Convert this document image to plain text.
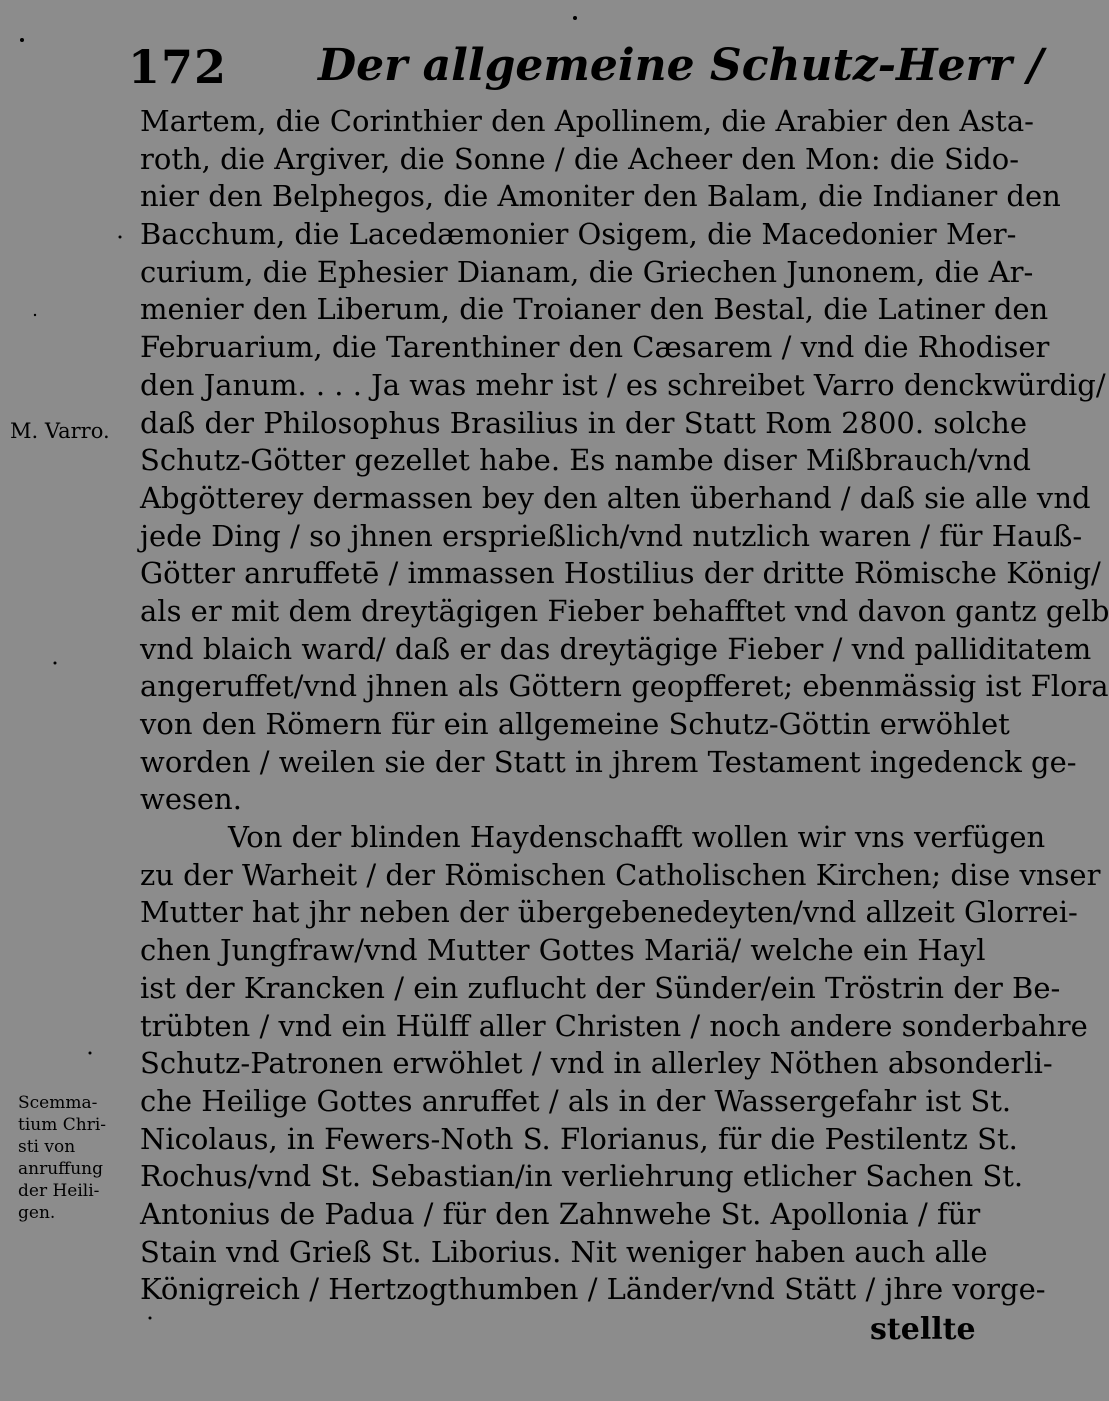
172 Der allgemeine Schutz-Herr /
M. Varro.
Scemma-
tium Chri-
sti von
anruffung
der Heili-
gen.
Martem, die Corinthier den Apollinem, die Arabier den Asta-
roth, die Argiver, die Sonne / die Acheer den Mon: die Sido-
nier den Belphegos, die Amoniter den Balam, die Indianer den
Bacchum, die Lacedæmonier Osigem, die Macedonier Mer-
curium, die Ephesier Dianam, die Griechen Junonem, die Ar-
menier den Liberum, die Troianer den Bestal, die Latiner den
Februarium, die Tarenthiner den Cæsarem / vnd die Rhodiser
den Janum. . . . Ja was mehr ist / es schreibet Varro denckwürdig/
daß der Philosophus Brasilius in der Statt Rom 2800. solche
Schutz-Götter gezellet habe. Es nambe diser Mißbrauch/vnd
Abgötterey dermassen bey den alten überhand / daß sie alle vnd
jede Ding / so jhnen ersprießlich/vnd nutzlich waren / für Hauß-
Götter anruffetē / immassen Hostilius der dritte Römische König/
als er mit dem dreytägigen Fieber behafftet vnd davon gantz gelb
vnd blaich ward/ daß er das dreytägige Fieber / vnd palliditatem
angeruffet/vnd jhnen als Göttern geopfferet; ebenmässig ist Flora
von den Römern für ein allgemeine Schutz-Göttin erwöhlet
worden / weilen sie der Statt in jhrem Testament ingedenck ge-
wesen.
Von der blinden Haydenschafft wollen wir vns verfügen
zu der Warheit / der Römischen Catholischen Kirchen; dise vnser
Mutter hat jhr neben der übergebenedeyten/vnd allzeit Glorrei-
chen Jungfraw/vnd Mutter Gottes Mariä/ welche ein Hayl
ist der Krancken / ein zuflucht der Sünder/ein Tröstrin der Be-
trübten / vnd ein Hülff aller Christen / noch andere sonderbahre
Schutz-Patronen erwöhlet / vnd in allerley Nöthen absonderli-
che Heilige Gottes anruffet / als in der Wassergefahr ist St.
Nicolaus, in Fewers-Noth S. Florianus, für die Pestilentz St.
Rochus/vnd St. Sebastian/in verliehrung etlicher Sachen St.
Antonius de Padua / für den Zahnwehe St. Apollonia / für
Stain vnd Grieß St. Liborius. Nit weniger haben auch alle
Königreich / Hertzogthumben / Länder/vnd Stätt / jhre vorge-
stellte
